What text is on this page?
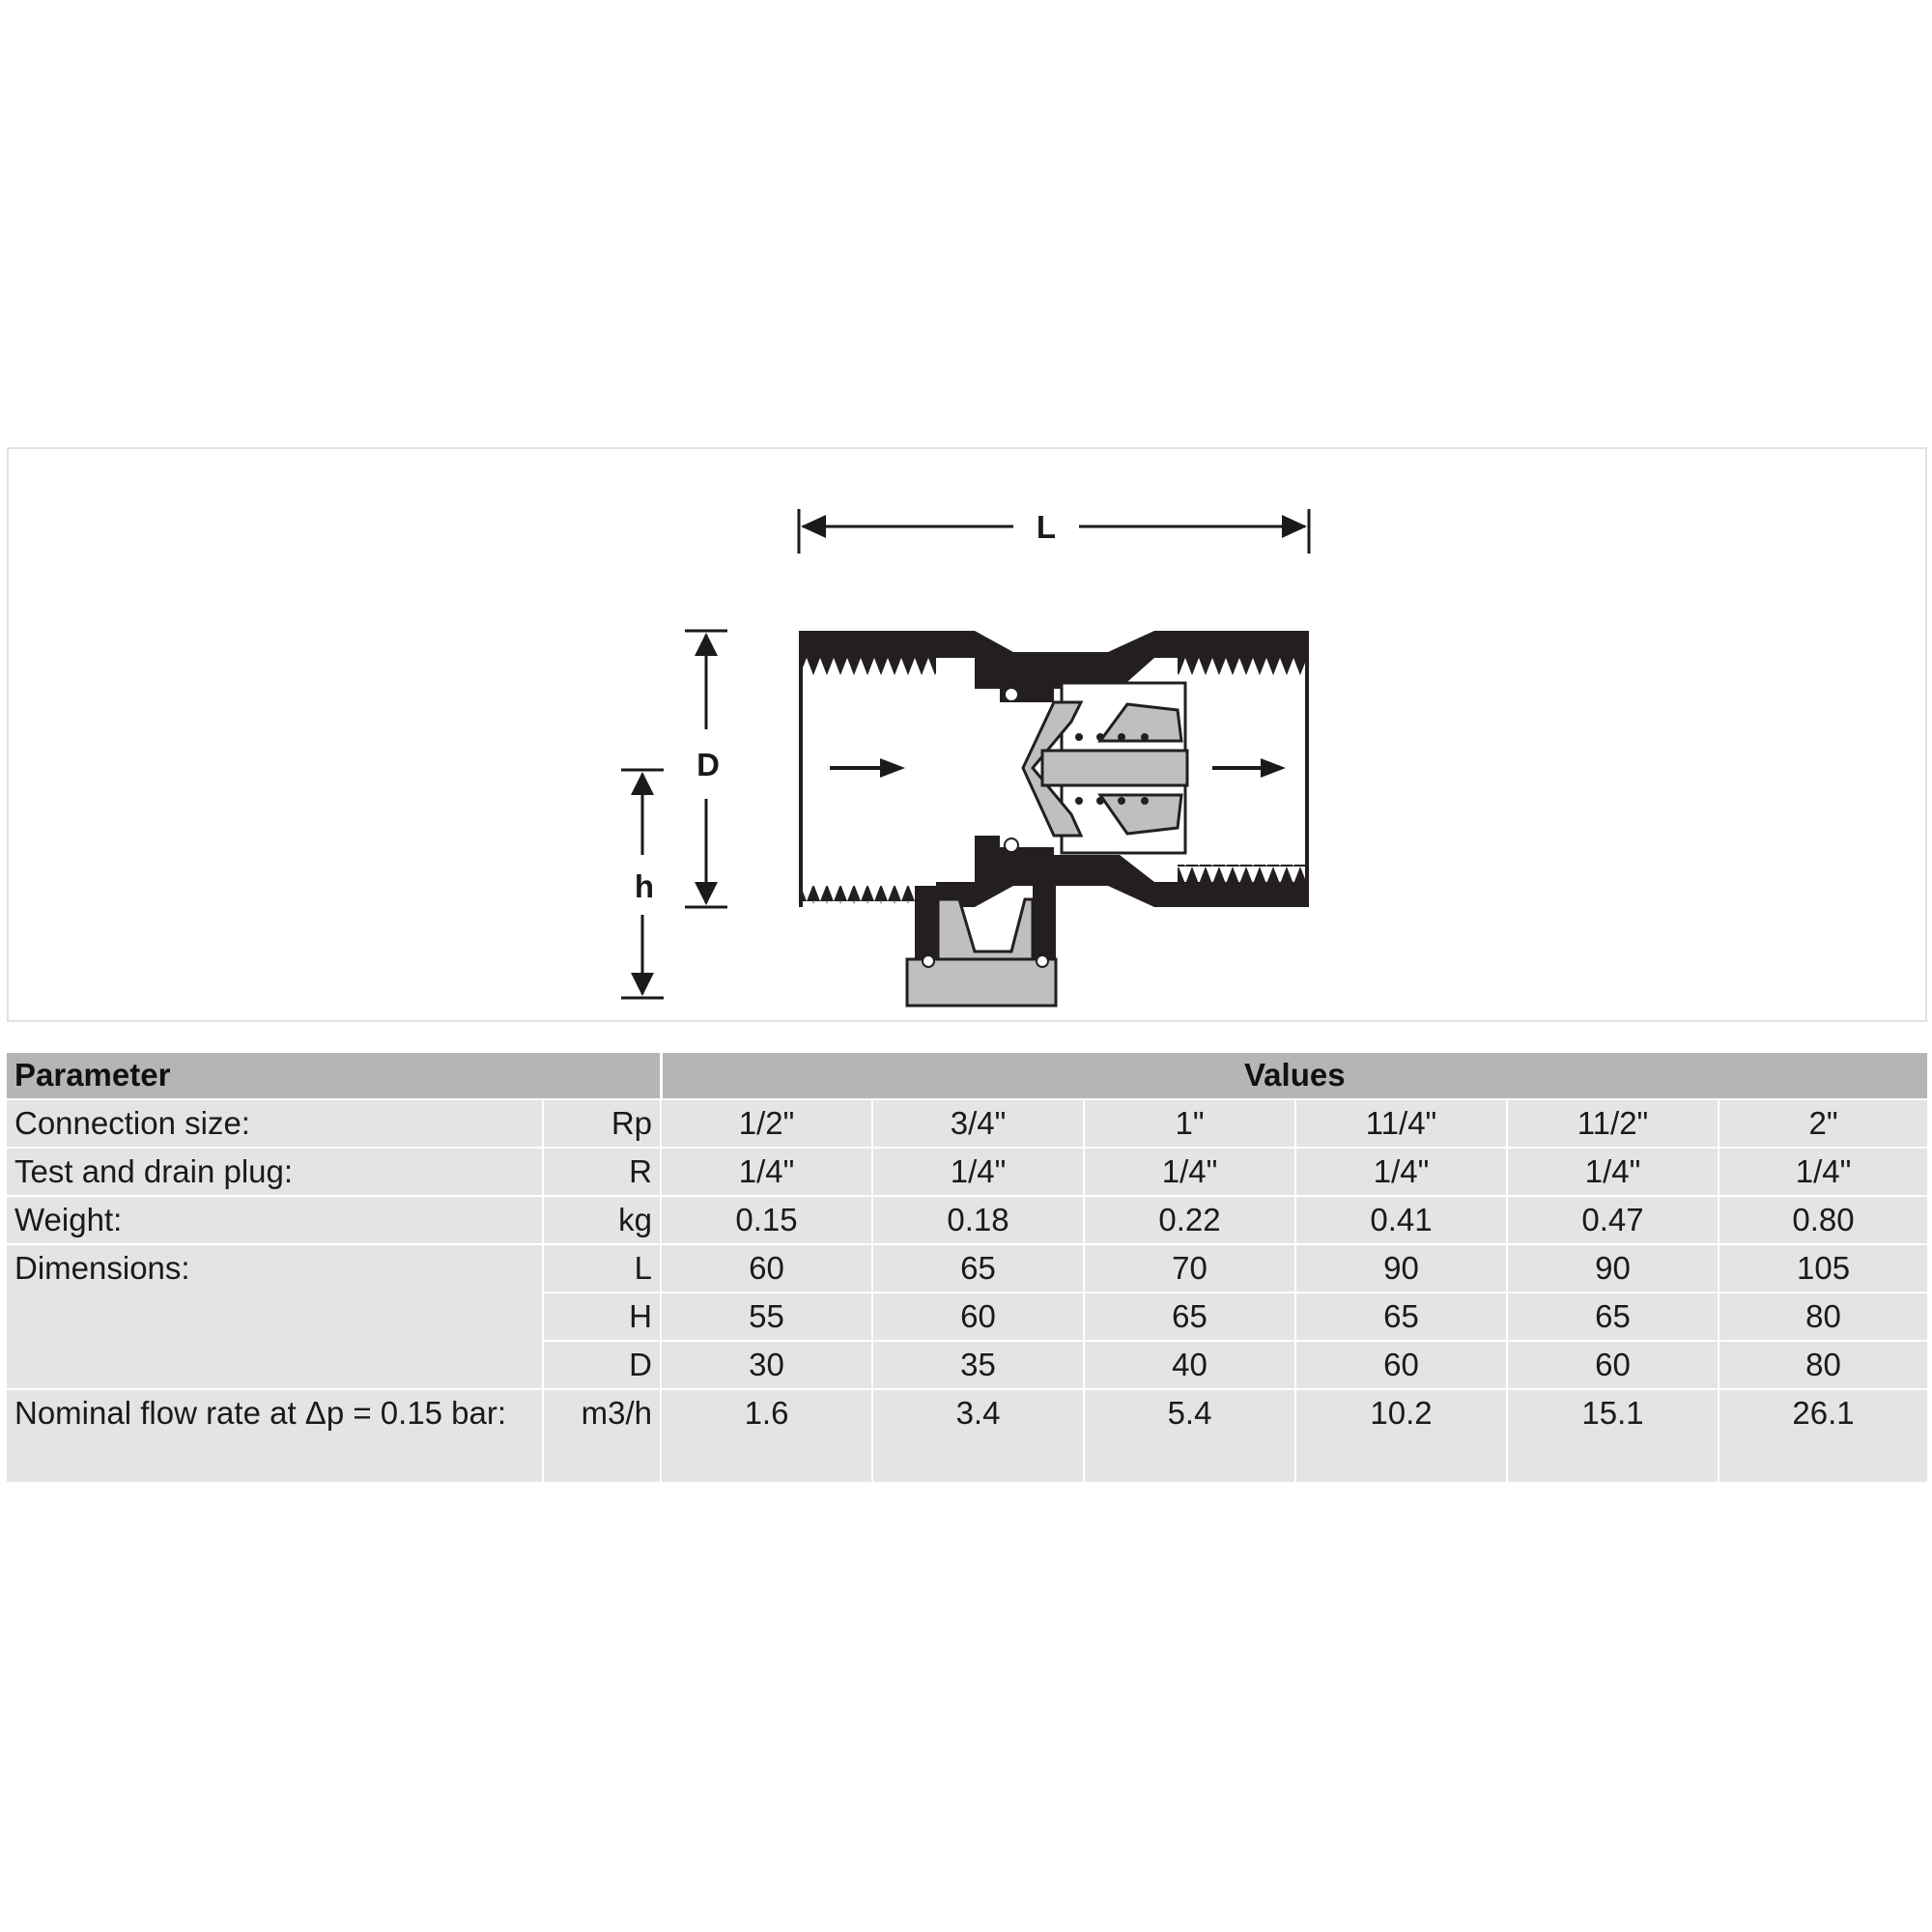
L
D
h
Parameter		Values					
Connection size:	Rp	1/2"	3/4"	1"	11/4"	11/2"	2"
Test and drain plug:	R	1/4"	1/4"	1/4"	1/4"	1/4"	1/4"
Weight:	kg	0.15	0.18	0.22	0.41	0.47	0.80
Dimensions:	L	60	65	70	90	90	105
	H	55	60	65	65	65	80
	D	30	35	40	60	60	80
Nominal flow rate at Δp = 0.15 bar:	m3/h	1.6	3.4	5.4	10.2	15.1	26.1
